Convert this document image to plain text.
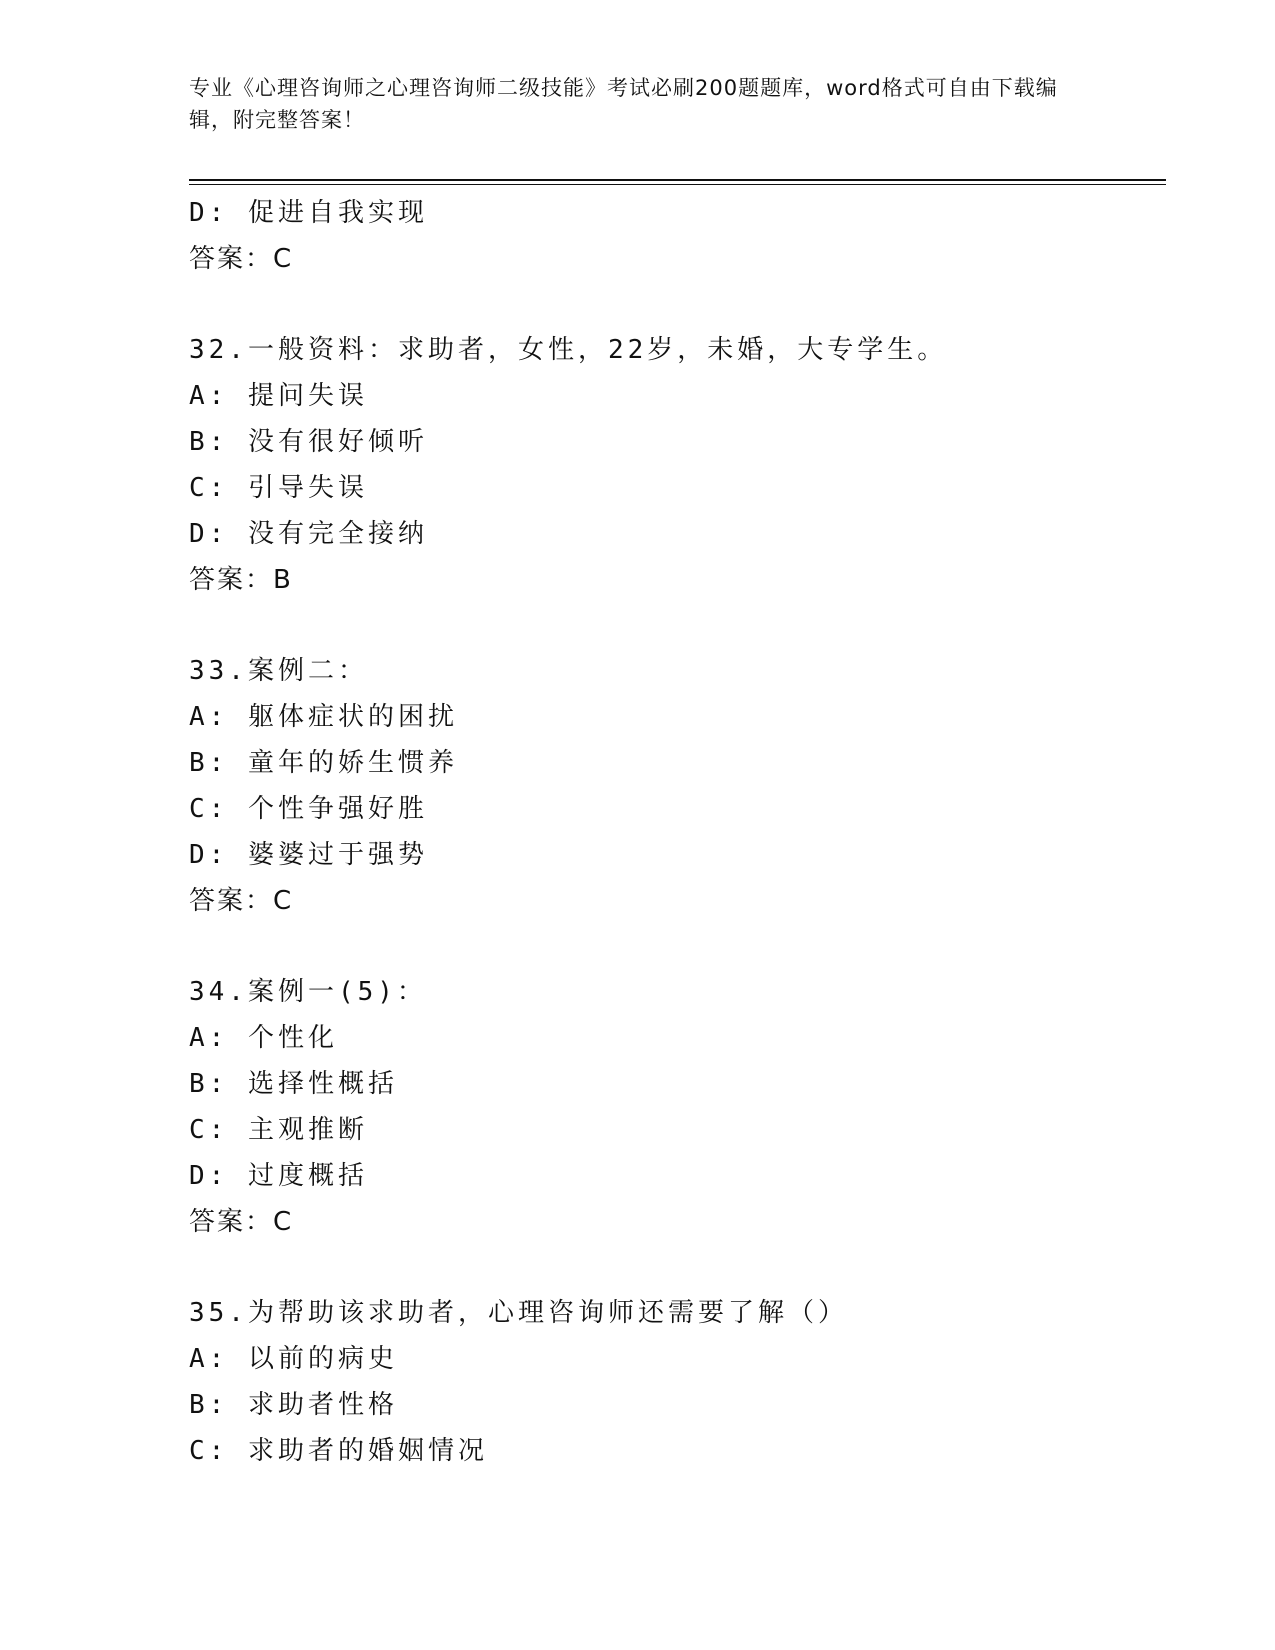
专业《心理咨询师之心理咨询师二级技能》考试必刷200题题库，word格式可自由下载编辑，附完整答案！
D: 促进自我实现
答案：C
32.一般资料：求助者，女性，22岁，未婚，大专学生。
A: 提问失误
B: 没有很好倾听
C: 引导失误
D: 没有完全接纳
答案：B
33.案例二：
A: 躯体症状的困扰
B: 童年的娇生惯养
C: 个性争强好胜
D: 婆婆过于强势
答案：C
34.案例一(5)：
A: 个性化
B: 选择性概括
C: 主观推断
D: 过度概括
答案：C
35.为帮助该求助者，心理咨询师还需要了解（）
A: 以前的病史
B: 求助者性格
C: 求助者的婚姻情况
